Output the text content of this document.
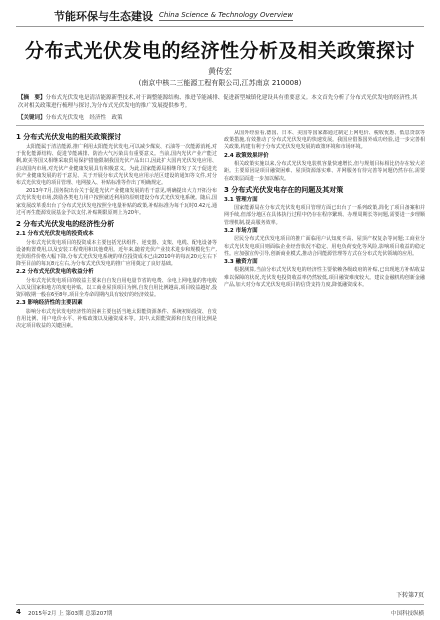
节能环保与生态建设 China Science & Technology Overview
分布式光伏发电的经济性分析及相关政策探讨
黄传宏
(南京中核二三能源工程有限公司,江苏南京 210008)
【摘　要】分布式光伏发电是清洁能源新型技术,对于调整能源结构、推进节能减排、促进新型城镇化建设具有重要意义。本文首先分析了分布式光伏发电的经济性,其次对相关政策进行梳理与探讨,为分布式光伏发电的推广发展提供参考。
【关键词】分布式光伏发电　经济性　政策
1 分布式光伏发电的相关政策探讨

太阳能属于清洁能源,推广利用太阳能光伏发电,可以减少煤炭、石油等一次能源消耗,对于优化能源结构、促进节能减排、防治大气污染具有重要意义。当前,国内光伏产业产能过剩,欧美等国又相继采取贸易保护措施限制我国光伏产品出口,因此扩大国内光伏发电应用、启动国内市场,对光伏产业健康发展具有积极意义。为此,国家能源局相继印发了关于促进光伏产业健康发展的若干意见、关于开展分布式光伏发电应用示范区建设的通知等文件,对分布式光伏发电的项目管理、电网接入、补贴标准等作出了明确规定。

2013年7月,国务院出台关于促进光伏产业健康发展的若干意见,明确提出大力开拓分布式光伏发电市场,鼓励各类电力用户按照就近利用的原则建设分布式光伏发电系统。随后,国家发展改革委出台了分布式光伏发电按照全电量补贴的政策,补贴标准为每千瓦时0.42元,通过可再生能源发展基金予以支付,补贴期限原则上为20年。

2 分布式光伏发电的经济性分析
2.1 分布式光伏发电的投资成本

分布式光伏发电项目的投资成本主要包括光伏组件、逆变器、支架、电缆、配电设备等设备购置费用,以及安装工程费用和其他费用。近年来,随着光伏产业技术进步和规模化生产,光伏组件价格大幅下降,分布式光伏发电系统的单位投资成本已由2010年的每瓦20元左右下降至目前的每瓦8元左右,为分布式光伏发电的推广应用奠定了良好基础。

2.2 分布式光伏发电的收益分析

分布式光伏发电项目的收益主要来自自发自用电量节省的电费、余电上网电量的售电收入以及国家和地方的度电补贴。以工商业屋顶项目为例,自发自用比例越高,项目收益越好,投资回收期一般在6至8年,项目全寿命周期内具有较好的经济效益。

2.3 影响经济性的主要因素

影响分布式光伏发电经济性的因素主要包括当地太阳能资源条件、系统初始投资、自发自用比例、用户电价水平、补贴政策以及融资成本等。其中,太阳能资源和自发自用比例是决定项目收益的关键因素。

从国外经验看,德国、日本、美国等国家都通过制定上网电价、税收优惠、低息贷款等政策措施,有效推动了分布式光伏发电的快速发展。我国应借鉴国外成功经验,进一步完善相关政策,构建有利于分布式光伏发电发展的政策环境和市场环境。

2.4 政策效果评价

相关政策实施以来,分布式光伏发电装机容量快速增长,但与规划目标相比仍存在较大差距。主要原因是项目融资困难、屋顶资源落实难、并网服务有待完善等问题仍然存在,需要在政策层面进一步加以解决。

3 分布式光伏发电存在的问题及其对策
3.1 管理方面

国家能源局在分布式光伏发电项目管理方面已出台了一系列政策,简化了项目备案和并网手续,但部分地区在具体执行过程中仍存在程序繁琐、办理周期长等问题,需要进一步理顺管理机制,提高服务效率。

3.2 市场方面

居民分布式光伏发电项目的推广面临用户认知度不高、屋顶产权复杂等问题;工商业分布式光伏发电项目则面临企业经营状况不稳定、用电负荷变化等风险,影响项目收益的稳定性。应加强宣传引导,创新商业模式,推动合同能源管理等方式在分布式光伏领域的应用。

3.3 融资方面

根据测算,当前分布式光伏发电的经济性主要依赖各级政府的补贴,已出现地方补贴收益难以保障的状况,光伏发电投资收益率仍然较低,项目融资难度较大。建议金融机构创新金融产品,加大对分布式光伏发电项目的信贷支持力度,降低融资成本。

下转第7页
4 2015年2月 上 第03期 总第207期	中国科技纵横
